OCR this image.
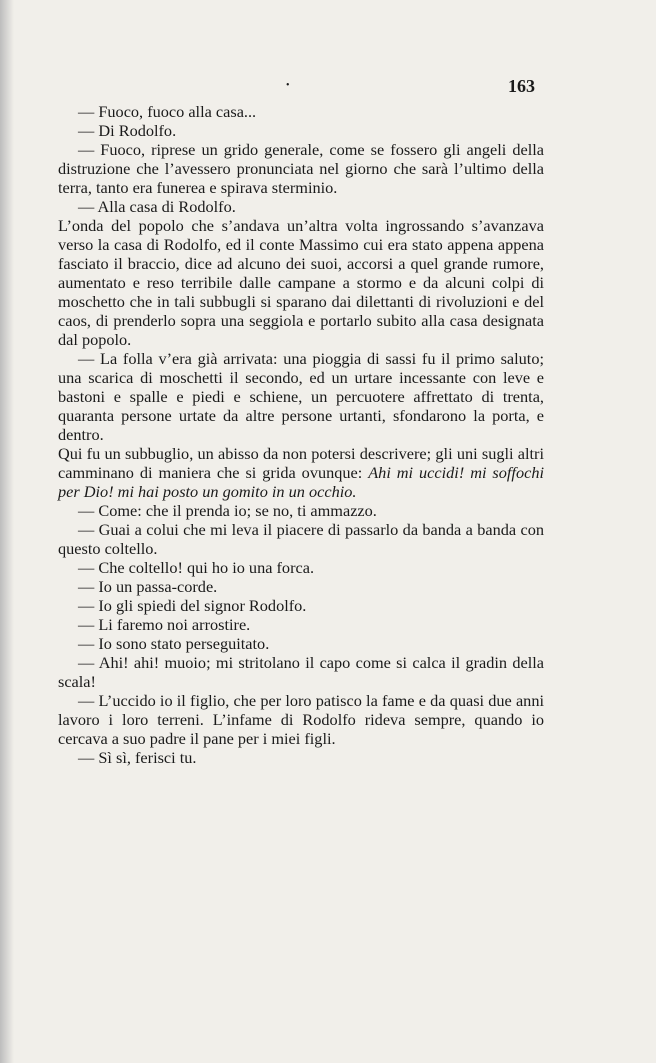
•	163

— Fuoco, fuoco alla casa...

— Di Rodolfo.

— Fuoco, riprese un grido generale, come se fossero gli angeli della distruzione che l’avessero pronunciata nel giorno che sarà l’ultimo della terra, tanto era funerea e spirava sterminio.

— Alla casa di Rodolfo.

L’onda del popolo che s’andava un’altra volta ingrossando s’avanzava verso la casa di Rodolfo, ed il conte Massimo cui era stato appena appena fasciato il braccio, dice ad alcuno dei suoi, accorsi a quel grande rumore, aumentato e reso terribile dalle campane a stormo e da alcuni colpi di moschetto che in tali subbugli si sparano dai dilettanti di rivoluzioni e del caos, di prenderlo sopra una seggiola e portarlo subito alla casa designata dal popolo.

— La folla v’era già arrivata: una pioggia di sassi fu il primo saluto; una scarica di moschetti il secondo, ed un urtare incessante con leve e bastoni e spalle e piedi e schiene, un percuotere affrettato di trenta, quaranta persone urtate da altre persone urtanti, sfondarono la porta, e dentro.

Qui fu un subbuglio, un abisso da non potersi descrivere; gli uni sugli altri camminano di maniera che si grida ovunque: Ahi mi uccidi! mi soffochi per Dio! mi hai posto un gomito in un occhio.

— Come: che il prenda io; se no, ti ammazzo.

— Guai a colui che mi leva il piacere di passarlo da banda a banda con questo coltello.

— Che coltello! qui ho io una forca.

— Io un passa-corde.

— Io gli spiedi del signor Rodolfo.

— Li faremo noi arrostire.

— Io sono stato perseguitato.

— Ahi! ahi! muoio; mi stritolano il capo come si calca il gradin della scala!

— L’uccido io il figlio, che per loro patisco la fame e da quasi due anni lavoro i loro terreni. L’infame di Rodolfo rideva sempre, quando io cercava a suo padre il pane per i miei figli.

— Sì sì, ferisci tu.
